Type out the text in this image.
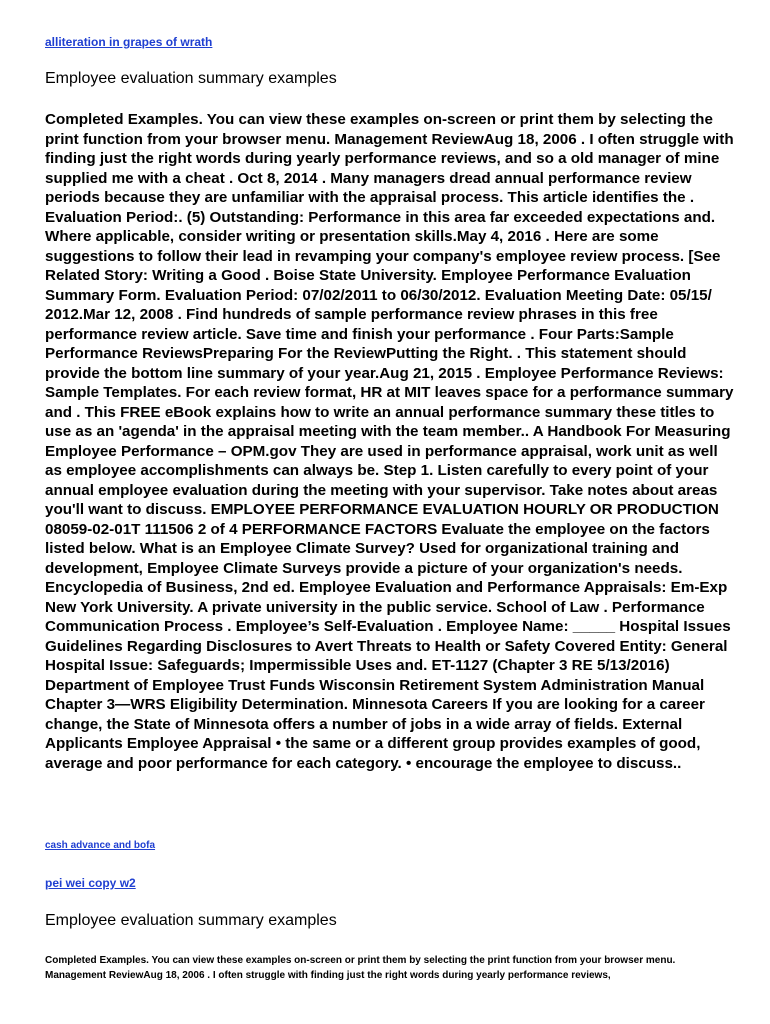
alliteration in grapes of wrath
Employee evaluation summary examples

Completed Examples. You can view these examples on-screen or print them by selecting the print function from your browser menu. Management ReviewAug 18, 2006 . I often struggle with finding just the right words during yearly performance reviews, and so a old manager of mine supplied me with a cheat . Oct 8, 2014 . Many managers dread annual performance review periods because they are unfamiliar with the appraisal process. This article identifies the . Evaluation Period:. (5) Outstanding: Performance in this area far exceeded expectations and. Where applicable, consider writing or presentation skills.May 4, 2016 . Here are some suggestions to follow their lead in revamping your company's employee review process. [See Related Story: Writing a Good . Boise State University. Employee Performance Evaluation Summary Form. Evaluation Period: 07/02/2011 to 06/30/2012. Evaluation Meeting Date: 05/15/ 2012.Mar 12, 2008 . Find hundreds of sample performance review phrases in this free performance review article. Save time and finish your performance . Four Parts:Sample Performance ReviewsPreparing For the ReviewPutting the Right. . This statement should provide the bottom line summary of your year.Aug 21, 2015 . Employee Performance Reviews: Sample Templates. For each review format, HR at MIT leaves space for a performance summary and . This FREE eBook explains how to write an annual performance summary these titles to use as an 'agenda' in the appraisal meeting with the team member.. A Handbook For Measuring Employee Performance – OPM.gov They are used in performance appraisal, work unit as well as employee accomplishments can always be. Step 1. Listen carefully to every point of your annual employee evaluation during the meeting with your supervisor. Take notes about areas you'll want to discuss. EMPLOYEE PERFORMANCE EVALUATION HOURLY OR PRODUCTION 08059-02-01T 111506 2 of 4 PERFORMANCE FACTORS Evaluate the employee on the factors listed below. What is an Employee Climate Survey? Used for organizational training and development, Employee Climate Surveys provide a picture of your organization's needs. Encyclopedia of Business, 2nd ed. Employee Evaluation and Performance Appraisals: Em-Exp New York University. A private university in the public service. School of Law . Performance Communication Process . Employee’s Self-Evaluation . Employee Name: _____ Hospital Issues Guidelines Regarding Disclosures to Avert Threats to Health or Safety Covered Entity: General Hospital Issue: Safeguards; Impermissible Uses and. ET-1127 (Chapter 3 RE 5/13/2016) Department of Employee Trust Funds Wisconsin Retirement System Administration Manual Chapter 3—WRS Eligibility Determination. Minnesota Careers If you are looking for a career change, the State of Minnesota offers a number of jobs in a wide array of fields. External Applicants Employee Appraisal • the same or a different group provides examples of good, average and poor performance for each category. • encourage the employee to discuss..

cash advance and bofa
pei wei copy w2
Employee evaluation summary examples

Completed Examples. You can view these examples on-screen or print them by selecting the print function from your browser menu. Management ReviewAug 18, 2006 . I often struggle with finding just the right words during yearly performance reviews,
